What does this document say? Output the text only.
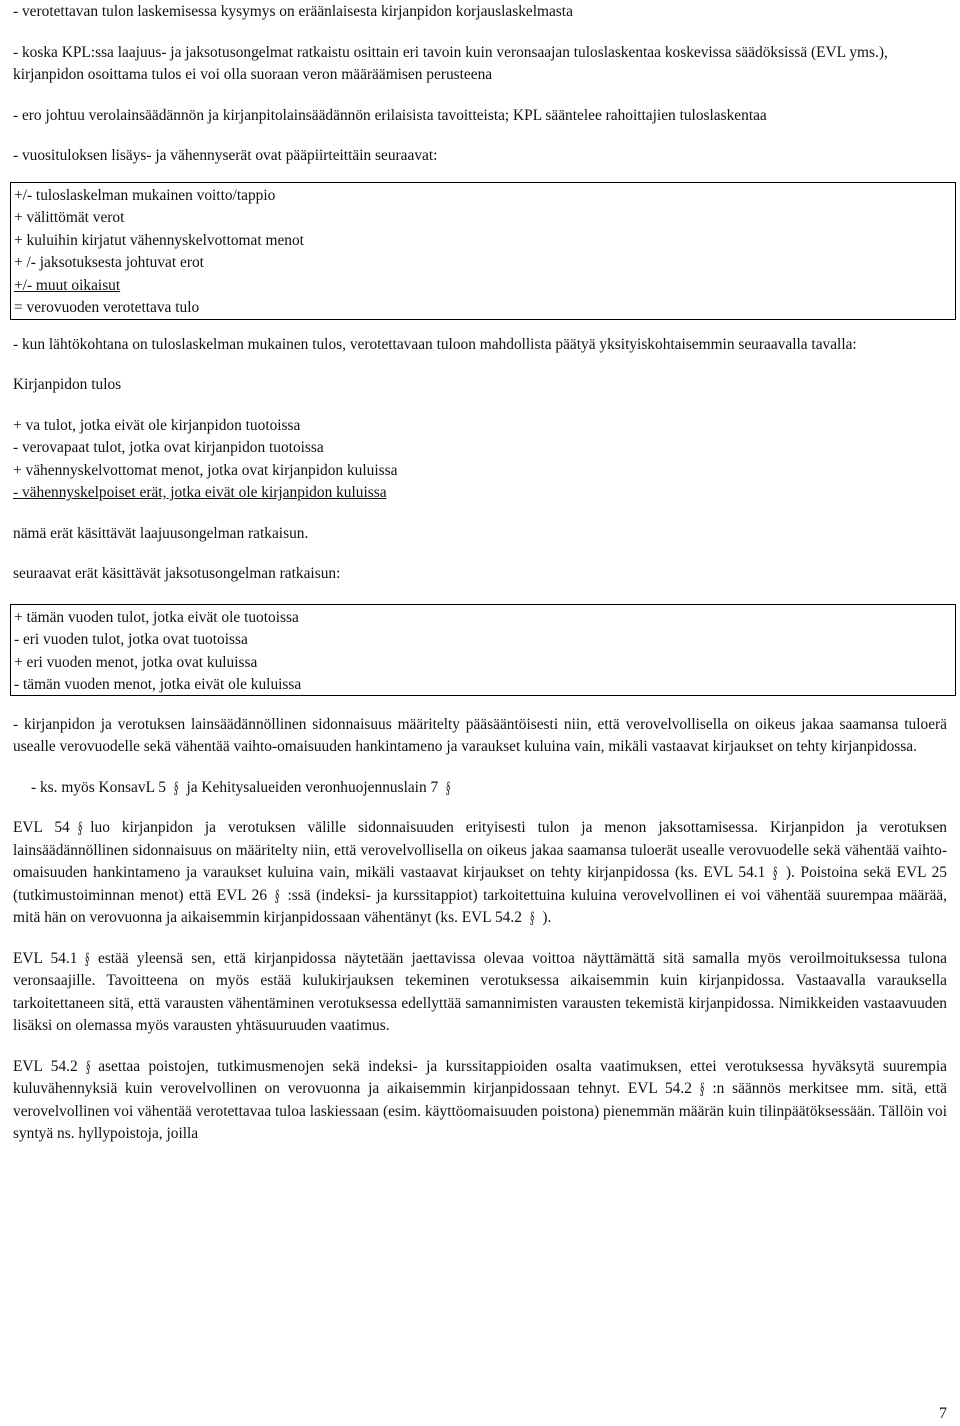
- verotettavan tulon laskemisessa kysymys on eräänlaisesta kirjanpidon korjauslaskelmasta

- koska KPL:ssa laajuus- ja jaksotusongelmat ratkaistu osittain eri tavoin kuin veronsaajan tuloslaskentaa koskevissa säädöksissä (EVL yms.), kirjanpidon osoittama tulos ei voi olla suoraan veron määräämisen perusteena

- ero johtuu verolainsäädännön ja kirjanpitolainsäädännön erilaisista tavoitteista; KPL sääntelee rahoittajien tuloslaskentaa

- vuosituloksen lisäys- ja vähennyserät ovat pääpiirteittäin seuraavat:

+/- tuloslaskelman mukainen voitto/tappio

+ välittömät verot

+ kuluihin kirjatut vähennyskelvottomat menot

+ /- jaksotuksesta johtuvat erot

+/- muut oikaisut

= verovuoden verotettava tulo

- kun lähtökohtana on tuloslaskelman mukainen tulos, verotettavaan tuloon mahdollista päätyä yksityiskohtaisemmin seuraavalla tavalla:

Kirjanpidon tulos

+ va tulot, jotka eivät ole kirjanpidon tuotoissa

- verovapaat tulot, jotka ovat kirjanpidon tuotoissa

+ vähennyskelvottomat menot, jotka ovat kirjanpidon kuluissa

- vähennyskelpoiset erät, jotka eivät ole kirjanpidon kuluissa

nämä erät käsittävät laajuusongelman ratkaisun.

seuraavat erät käsittävät jaksotusongelman ratkaisun:

+ tämän vuoden tulot, jotka eivät ole tuotoissa

- eri vuoden tulot, jotka ovat tuotoissa

+ eri vuoden menot, jotka ovat kuluissa

- tämän vuoden menot, jotka eivät ole kuluissa

- kirjanpidon ja verotuksen lainsäädännöllinen sidonnaisuus määritelty pääsääntöisesti niin, että verovelvollisella on oikeus jakaa saamansa tuloerä usealle verovuodelle sekä vähentää vaihto-omaisuuden hankintameno ja varaukset kuluina vain, mikäli vastaavat kirjaukset on tehty kirjanpidossa.

- ks. myös KonsavL 5 § ja Kehitysalueiden veronhuojennuslain 7 §

EVL 54 § luo kirjanpidon ja verotuksen välille sidonnaisuuden erityisesti tulon ja menon jaksottamisessa. Kirjanpidon ja verotuksen lainsäädännöllinen sidonnaisuus on määritelty niin, että verovelvollisella on oikeus jakaa saamansa tuloerät usealle verovuodelle sekä vähentää vaihto-omaisuuden hankintameno ja varaukset kuluina vain, mikäli vastaavat kirjaukset on tehty kirjanpidossa (ks. EVL 54.1 § ). Poistoina sekä EVL 25 (tutkimustoiminnan menot) että EVL 26 § :ssä (indeksi- ja kurssitappiot) tarkoitettuina kuluina verovelvollinen ei voi vähentää suurempaa määrää, mitä hän on verovuonna ja aikaisemmin kirjanpidossaan vähentänyt (ks. EVL 54.2 § ).

EVL 54.1 § estää yleensä sen, että kirjanpidossa näytetään jaettavissa olevaa voittoa näyttämättä sitä samalla myös veroilmoituksessa tulona veronsaajille. Tavoitteena on myös estää kulukirjauksen tekeminen verotuksessa aikaisemmin kuin kirjanpidossa. Vastaavalla varauksella tarkoitettaneen sitä, että varausten vähentäminen verotuksessa edellyttää samannimisten varausten tekemistä kirjanpidossa. Nimikkeiden vastaavuuden lisäksi on olemassa myös varausten yhtäsuuruuden vaatimus.

EVL 54.2 § asettaa poistojen, tutkimusmenojen sekä indeksi- ja kurssitappioiden osalta vaatimuksen, ettei verotuksessa hyväksytä suurempia kuluvähennyksiä kuin verovelvollinen on verovuonna ja aikaisemmin kirjanpidossaan tehnyt. EVL 54.2 § :n säännös merkitsee mm. sitä, että verovelvollinen voi vähentää verotettavaa tuloa laskiessaan (esim. käyttöomaisuuden poistona) pienemmän määrän kuin tilinpäätöksessään. Tällöin voi syntyä ns. hyllypoistoja, joilla

7
